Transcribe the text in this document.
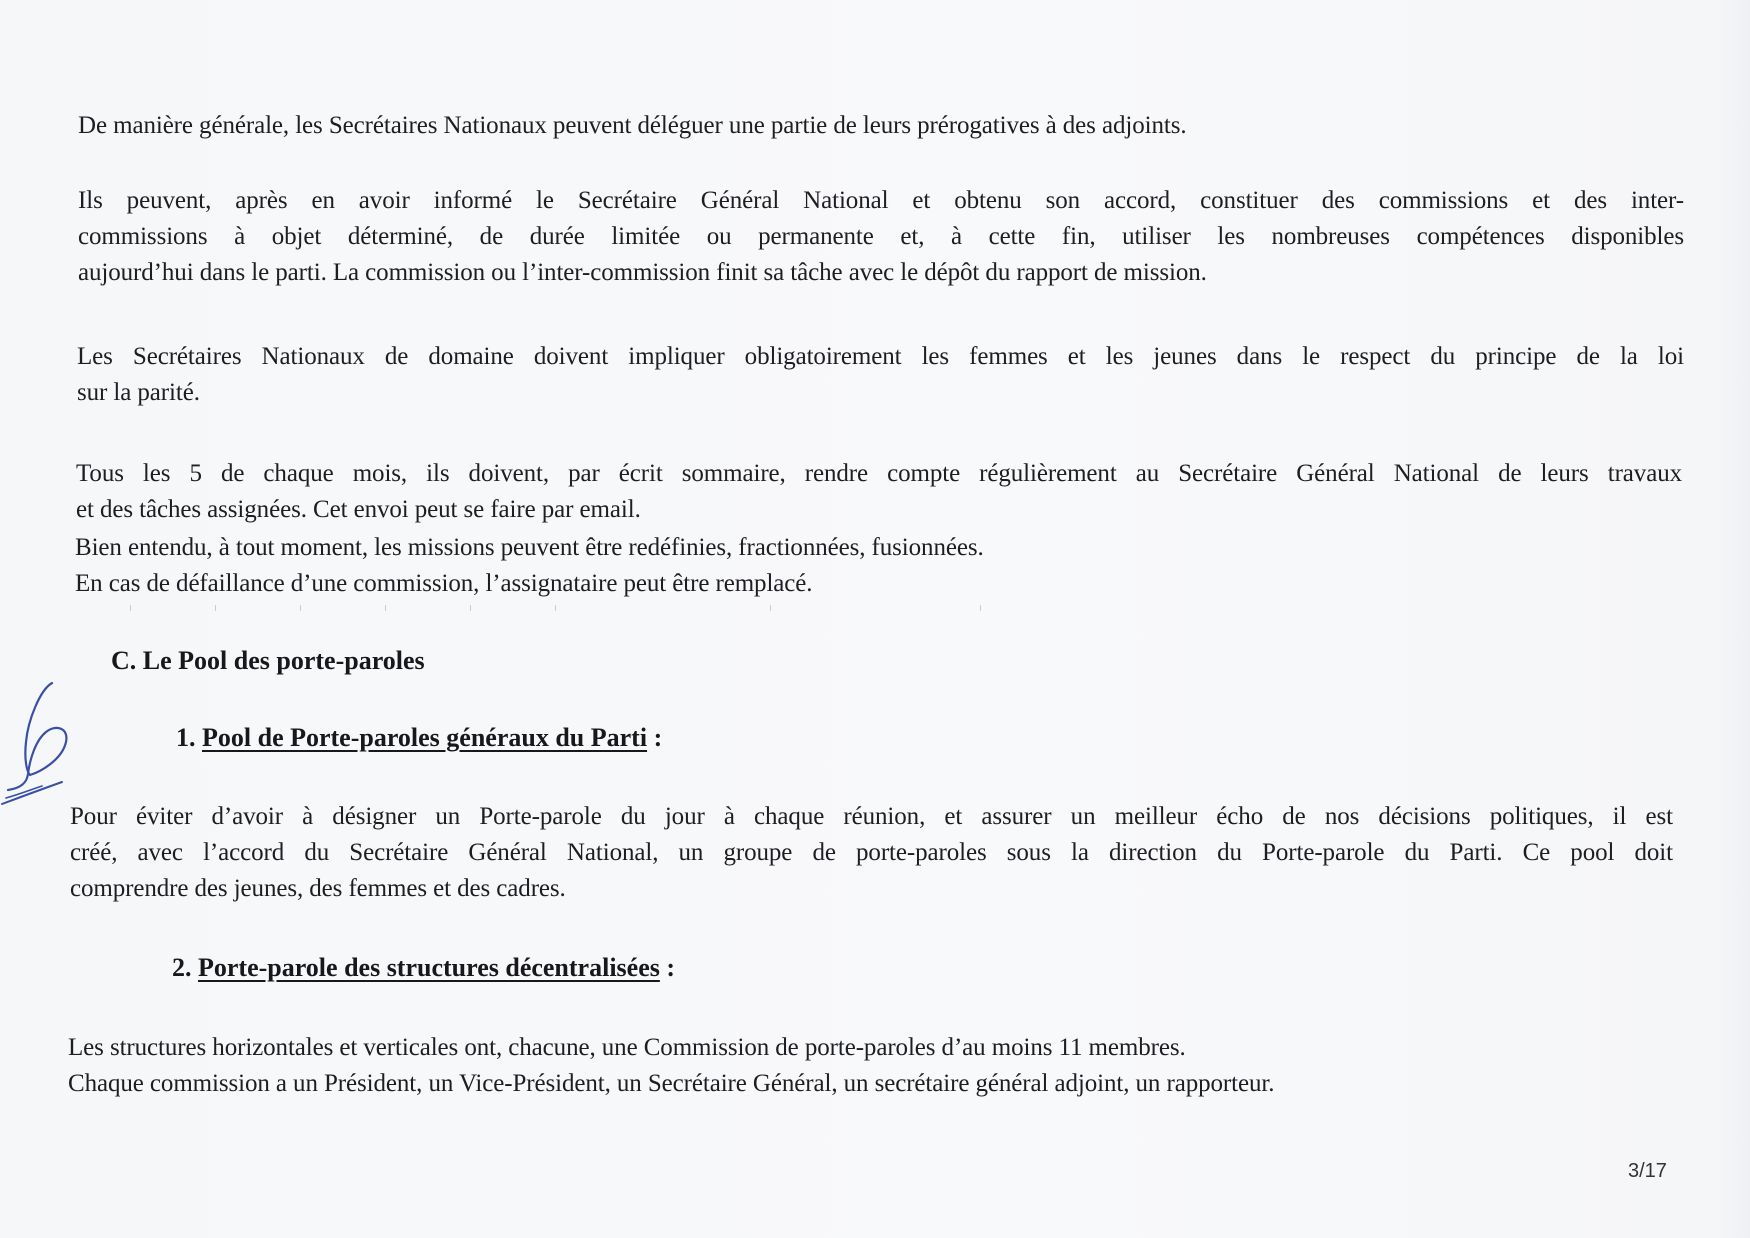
De manière générale, les Secrétaires Nationaux peuvent déléguer une partie de leurs prérogatives à des adjoints.
Ils peuvent, après en avoir informé le Secrétaire Général National et obtenu son accord, constituer des commissions et des inter-
commissions à objet déterminé, de durée limitée ou permanente et, à cette fin, utiliser les nombreuses compétences disponibles
aujourd’hui dans le parti. La commission ou l’inter-commission finit sa tâche avec le dépôt du rapport de mission.
Les Secrétaires Nationaux de domaine doivent impliquer obligatoirement les femmes et les jeunes dans le respect du principe de la loi
sur la parité.
Tous les 5 de chaque mois, ils doivent, par écrit sommaire, rendre compte régulièrement au Secrétaire Général National de leurs travaux
et des tâches assignées. Cet envoi peut se faire par email.
Bien entendu, à tout moment, les missions peuvent être redéfinies, fractionnées, fusionnées.
En cas de défaillance d’une commission, l’assignataire peut être remplacé.
C. Le Pool des porte-paroles
1. Pool de Porte-paroles généraux du Parti :
Pour éviter d’avoir à désigner un Porte-parole du jour à chaque réunion, et assurer un meilleur écho de nos décisions politiques, il est
créé, avec l’accord du Secrétaire Général National, un groupe de porte-paroles sous la direction du Porte-parole du Parti. Ce pool doit
comprendre des jeunes, des femmes et des cadres.
2. Porte-parole des structures décentralisées :
Les structures horizontales et verticales ont, chacune, une Commission de porte-paroles d’au moins 11 membres.
Chaque commission a un Président, un Vice-Président, un Secrétaire Général, un secrétaire général adjoint, un rapporteur.
3/17
